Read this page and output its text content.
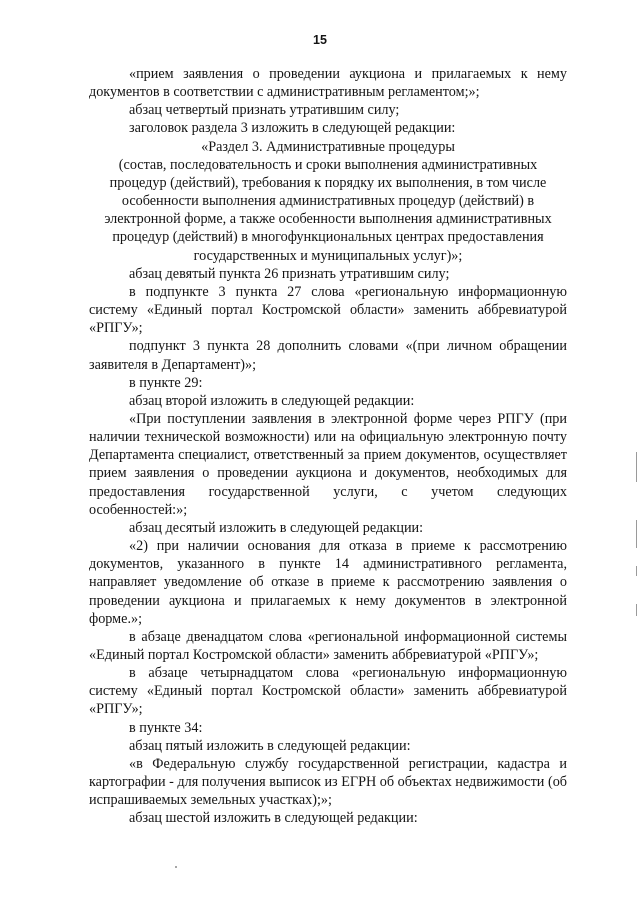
15

«прием заявления о проведении аукциона и прилагаемых к нему документов в соответствии с административным регламентом;»;

абзац четвертый признать утратившим силу;

заголовок раздела 3 изложить в следующей редакции:

«Раздел 3. Административные процедуры

(состав, последовательность и сроки выполнения административных процедур (действий), требования к порядку их выполнения, в том числе особенности выполнения административных процедур (действий) в электронной форме, а также особенности выполнения административных процедур (действий) в многофункциональных центрах предоставления государственных и муниципальных услуг)»;

абзац девятый пункта 26 признать утратившим силу;

в подпункте 3 пункта 27 слова «региональную информационную систему «Единый портал Костромской области» заменить аббревиатурой «РПГУ»;

подпункт 3 пункта 28 дополнить словами «(при личном обращении заявителя в Департамент)»;

в пункте 29:

абзац второй изложить в следующей редакции:

«При поступлении заявления в электронной форме через РПГУ (при наличии технической возможности) или на официальную электронную почту Департамента специалист, ответственный за прием документов, осуществляет прием заявления о проведении аукциона и документов, необходимых для предоставления государственной услуги, с учетом следующих особенностей:»;

абзац десятый изложить в следующей редакции:

«2) при наличии основания для отказа в приеме к рассмотрению документов, указанного в пункте 14 административного регламента, направляет уведомление об отказе в приеме к рассмотрению заявления о проведении аукциона и прилагаемых к нему документов в электронной форме.»;

в абзаце двенадцатом слова «региональной информационной системы «Единый портал Костромской области» заменить аббревиатурой «РПГУ»;

в абзаце четырнадцатом слова «региональную информационную систему «Единый портал Костромской области» заменить аббревиатурой «РПГУ»;

в пункте 34:

абзац пятый изложить в следующей редакции:

«в Федеральную службу государственной регистрации, кадастра и картографии - для получения выписок из ЕГРН об объектах недвижимости (об испрашиваемых земельных участках);»;

абзац шестой изложить в следующей редакции:
